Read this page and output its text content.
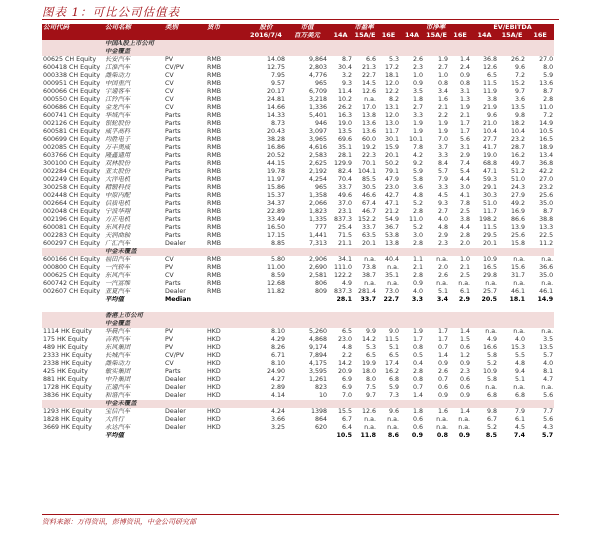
图表 1：可比公司估值表
公司代码	公司名称	类别	货币	股价	市值	市盈率			市净率			EV/EBITDA		
				2016/7/4	百万美元	14A	15A/E	16E	14A	15A/E	16E	14A	15A/E	16E
	中国A股上市公司													
	中金覆盖													
00625 CH Equity	长安汽车	PV	RMB	14.08	9,864	8.7	6.6	5.3	2.6	1.9	1.4	36.8	26.2	27.0
600418 CH Equity	江淮汽车	CV/PV	RMB	12.75	2,803	30.4	21.3	17.2	2.3	2.7	2.4	12.6	9.6	8.0
000338 CH Equity	潍柴动力	CV	RMB	7.95	4,776	3.2	22.7	18.1	1.0	1.0	0.9	6.5	7.2	5.9
000951 CH Equity	中国重汽	CV	RMB	9.57	965	9.3	14.5	12.0	0.9	0.8	0.8	11.5	15.2	13.6
600066 CH Equity	宇通客车	CV	RMB	20.17	6,709	11.4	12.6	12.2	3.5	3.4	3.1	11.9	9.7	8.7
000550 CH Equity	江铃汽车	CV	RMB	24.81	3,218	10.2	n.a.	8.2	1.8	1.6	1.3	3.8	3.6	2.8
600686 CH Equity	金龙汽车	CV	RMB	14.66	1,336	26.2	17.0	13.1	2.7	2.1	1.9	21.9	13.5	11.0
600741 CH Equity	华域汽车	Parts	RMB	14.33	5,401	16.3	13.8	12.0	3.3	2.2	2.1	9.6	9.8	7.2
002126 CH Equity	银轮股份	Parts	RMB	8.73	946	19.0	13.6	13.0	1.9	1.9	1.7	21.0	18.2	14.9
600581 CH Equity	威孚高科	Parts	RMB	20.43	3,097	13.5	13.6	11.7	1.9	1.9	1.7	10.4	10.4	10.5
600699 CH Equity	均胜电子	Parts	RMB	38.28	3,965	69.6	60.0	30.1	10.1	7.0	5.6	27.7	23.2	16.5
002085 CH Equity	万丰奥威	Parts	RMB	16.86	4,616	35.1	19.2	15.9	7.8	3.7	3.1	41.7	28.7	18.9
603766 CH Equity	隆鑫通用	Parts	RMB	20.52	2,583	28.1	22.3	20.1	4.2	3.3	2.9	19.0	16.2	13.4
300100 CH Equity	双林股份	Parts	RMB	44.15	2,625	129.9	70.1	50.2	9.2	8.4	7.4	68.8	49.7	36.8
002284 CH Equity	亚太股份	Parts	RMB	19.78	2,192	82.4	104.1	79.1	5.9	5.7	5.4	47.1	51.2	42.2
002249 CH Equity	大洋电机	Parts	RMB	11.97	4,254	70.4	85.5	47.9	5.8	7.9	4.4	59.3	51.0	27.0
300258 CH Equity	精锻科技	Parts	RMB	15.86	965	33.7	30.5	23.0	3.6	3.3	3.0	29.1	24.3	23.2
002448 CH Equity	中原内配	Parts	RMB	15.37	1,358	49.6	46.6	42.7	4.8	4.5	4.1	30.3	27.9	25.6
002664 CH Equity	信质电机	Parts	RMB	34.37	2,066	37.0	67.4	47.1	5.2	9.3	7.8	51.0	49.2	35.0
002048 CH Equity	宁波华翔	Parts	RMB	22.89	1,823	23.1	46.7	21.2	2.8	2.7	2.5	11.7	16.9	8.7
002196 CH Equity	方正电机	Parts	RMB	33.49	1,335	837.3	152.2	54.9	11.0	4.0	3.8	198.2	86.6	38.8
600081 CH Equity	东风科技	Parts	RMB	16.50	777	25.4	33.7	36.7	5.2	4.8	4.4	11.5	13.9	13.3
002283 CH Equity	天润曲轴	Parts	RMB	17.15	1,441	71.5	63.5	53.8	3.0	2.9	2.8	29.5	25.6	22.5
600297 CH Equity	广汇汽车	Dealer	RMB	8.85	7,313	21.1	20.1	13.8	2.8	2.3	2.0	20.1	15.8	11.2
	中金未覆盖													
600166 CH Equity	福田汽车	CV	RMB	5.80	2,906	34.1	n.a.	40.4	1.1	n.a.	1.0	10.9	n.a.	n.a.
000800 CH Equity	一汽轿车	PV	RMB	11.00	2,690	111.0	73.8	n.a.	2.1	2.0	2.1	16.5	15.6	36.6
000625 CH Equity	东风汽车	CV	RMB	8.59	2,581	122.2	38.7	35.1	2.8	2.6	2.5	29.8	31.7	35.0
600742 CH Equity	一汽富维	Parts	RMB	12.68	806	4.9	n.a.	n.a.	0.9	n.a.	n.a.	n.a.	n.a.	n.a.
002607 CH Equity	亚夏汽车	Dealer	RMB	11.82	809	837.3	281.4	73.0	4.0	5.1	6.1	25.7	46.1	46.1
	平均值	Median				28.1	33.7	22.7	3.3	3.4	2.9	20.5	18.1	14.9

	香港上市公司													
	中金覆盖													
1114 HK Equity	华晨汽车	PV	HKD	8.10	5,260	6.5	9.9	9.0	1.9	1.7	1.4	n.a.	n.a.	n.a.
175 HK Equity	吉利汽车	PV	HKD	4.29	4,868	23.0	14.2	11.5	1.7	1.7	1.5	4.9	4.0	3.5
489 HK Equity	东风集团	PV	HKD	8.26	9,174	4.8	5.3	5.1	0.8	0.7	0.6	16.6	15.3	13.5
2333 HK Equity	长城汽车	CV/PV	HKD	6.71	7,894	2.2	6.5	6.5	0.5	1.4	1.2	5.8	5.5	5.7
2338 HK Equity	潍柴动力	CV	HKD	8.10	4,175	14.2	19.9	17.4	0.4	0.9	0.9	5.2	4.8	4.0
425 HK Equity	敏实集团	Parts	HKD	24.90	3,595	20.9	18.0	16.2	2.8	2.6	2.3	10.9	9.4	8.1
881 HK Equity	中升集团	Dealer	HKD	4.27	1,261	6.9	8.0	6.8	0.8	0.7	0.6	5.8	5.1	4.7
1728 HK Equity	正通汽车	Dealer	HKD	2.89	823	6.9	7.5	5.9	0.7	0.6	0.6	n.a.	n.a.	n.a.
3836 HK Equity	和谐汽车	Dealer	HKD	4.14	10	7.0	9.7	7.3	1.4	0.9	0.9	6.8	6.8	5.6
	中金未覆盖													
1293 HK Equity	宝信汽车	Dealer	HKD	4.24	1398	15.5	12.6	9.6	1.8	1.6	1.4	9.8	7.9	7.7
1828 HK Equity	大昌行	Dealer	HKD	3.66	864	6.7	n.a.	n.a.	0.6	n.a.	n.a.	6.7	6.1	5.6
3669 HK Equity	永达汽车	Dealer	HKD	3.25	620	6.4	n.a.	n.a.	0.6	n.a.	n.a.	5.2	4.5	4.3
	平均值					10.5	11.8	8.6	0.9	0.8	0.9	8.5	7.4	5.7
资料来源：万得资讯，彭博资讯，中金公司研究部
